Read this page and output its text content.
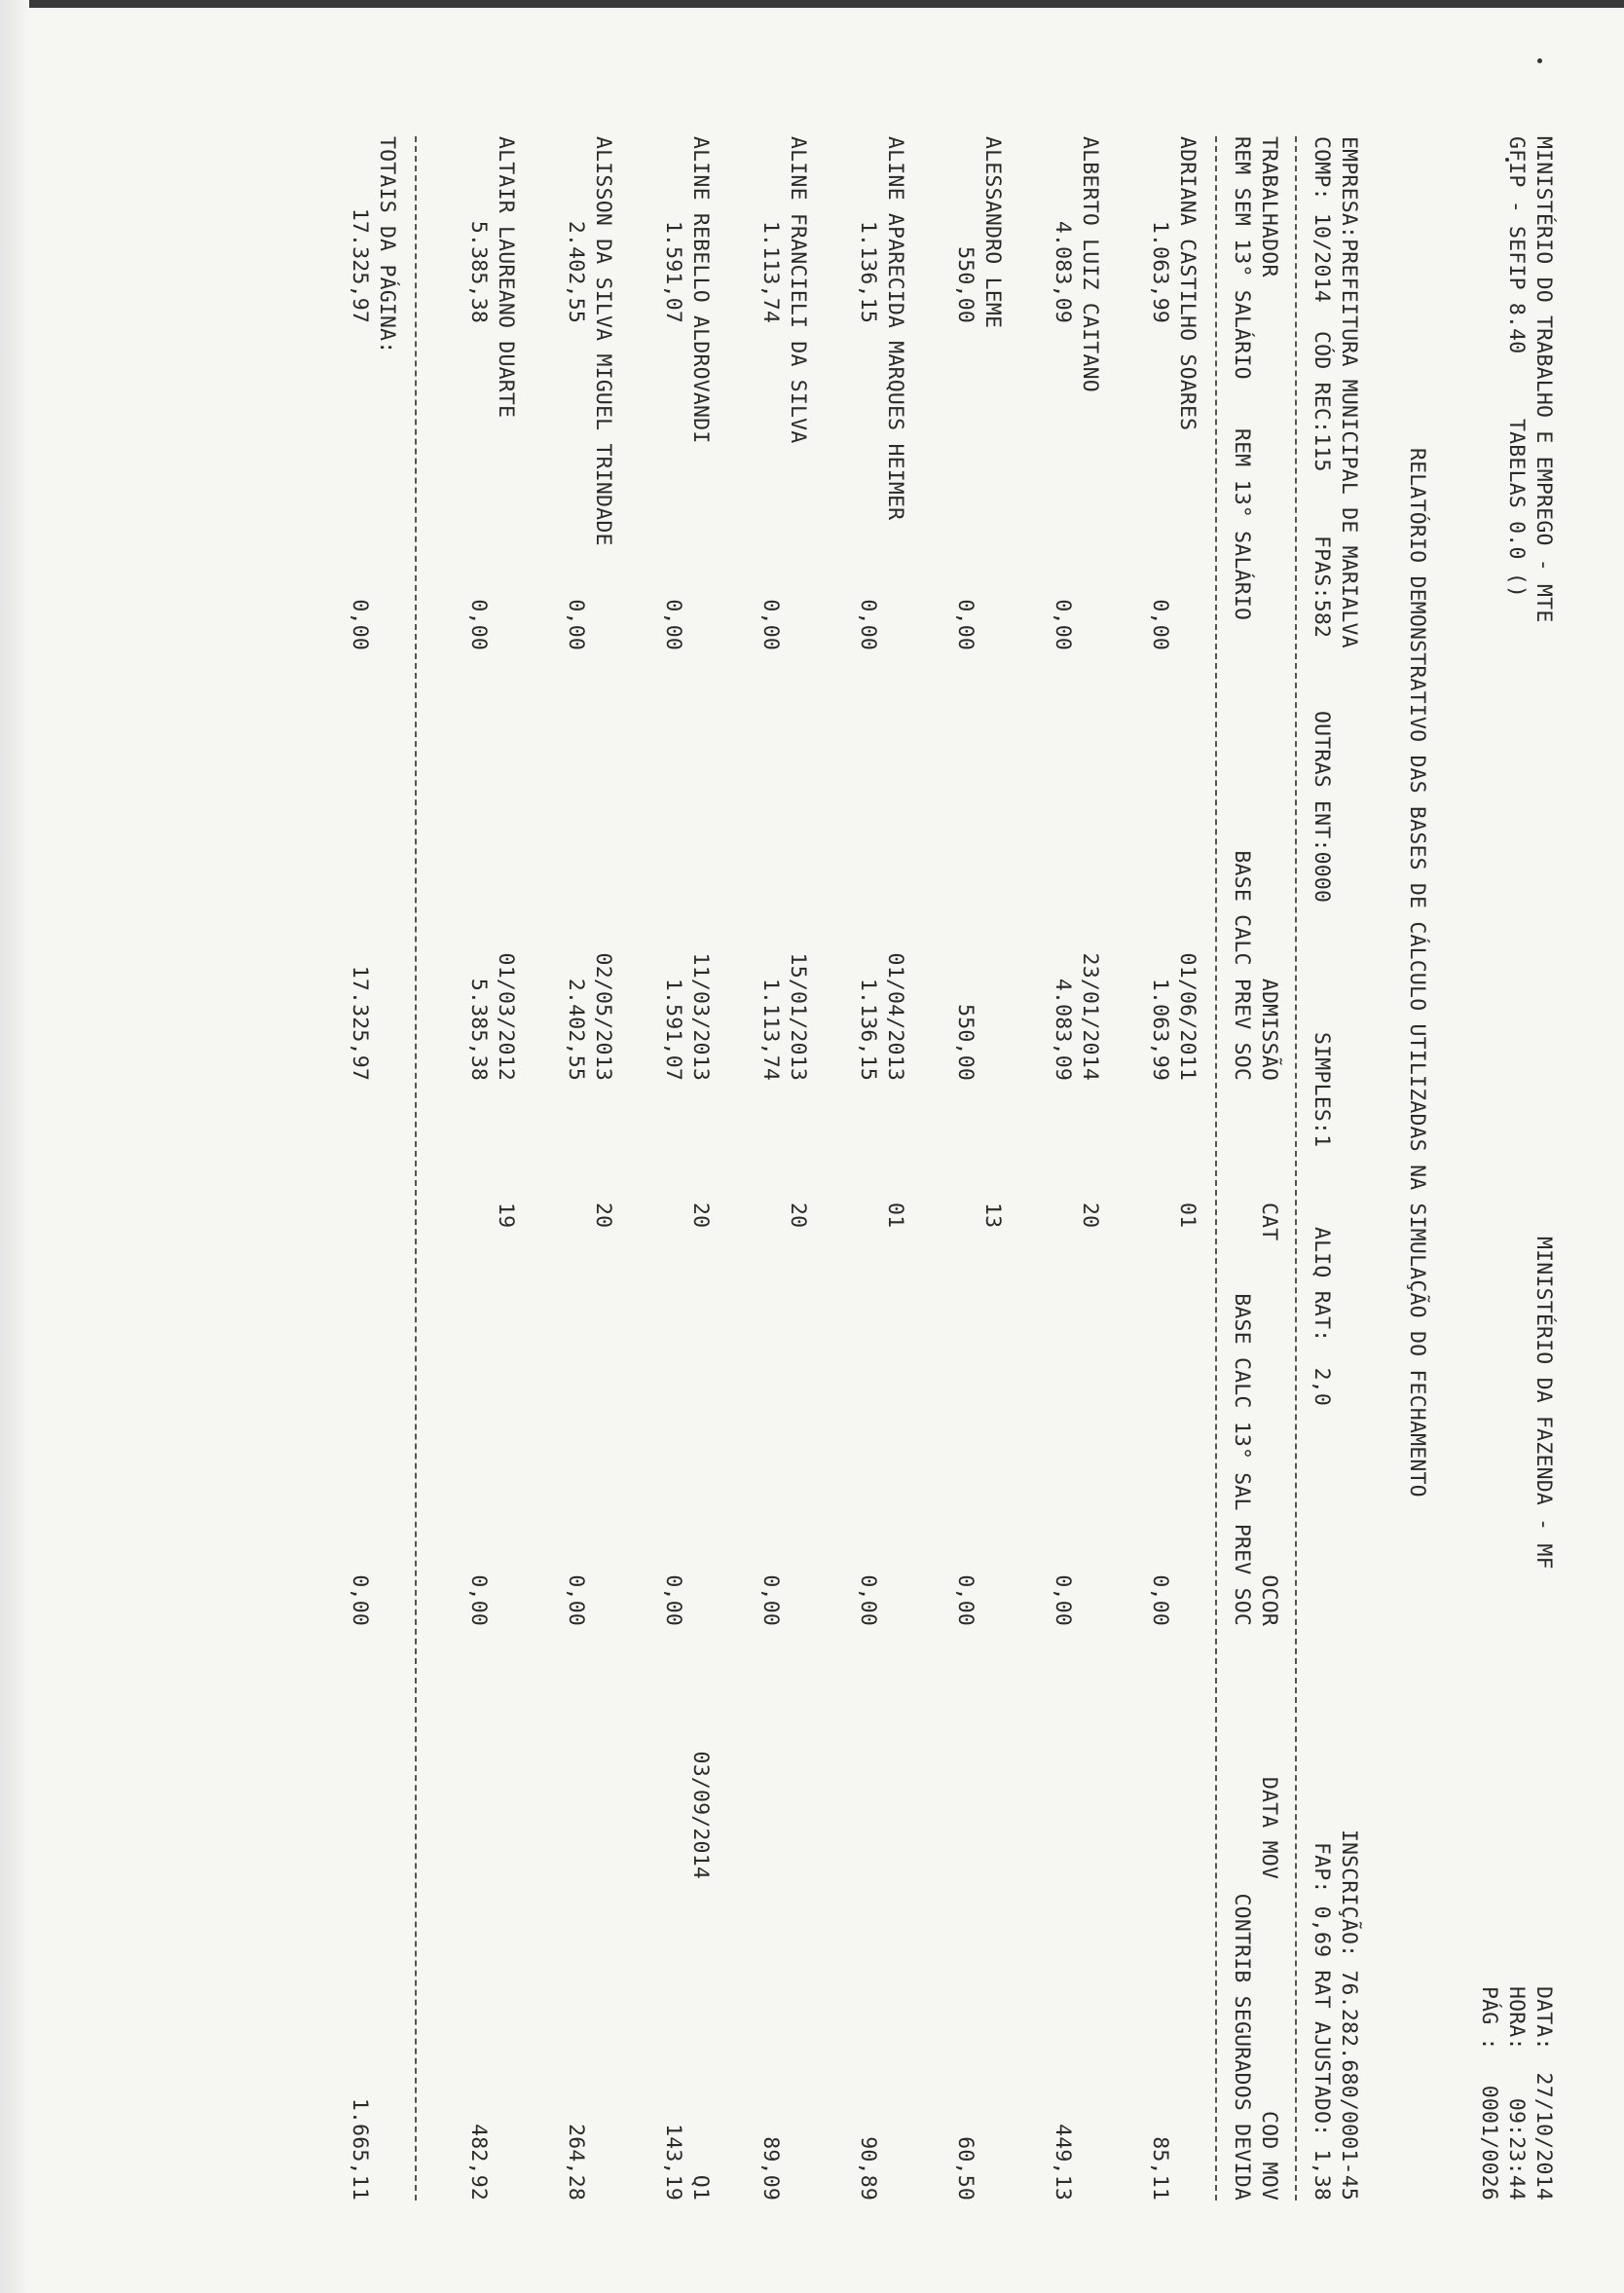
MINISTÉRIO DO TRABALHO E EMPREGO - MTE

MINISTÉRIO DA FAZENDA - MF

DATA:

27/10/2014

GFIP - SEFIP 8.40

TABELAS 0.0 ()

HORA:

09:23:44

PÁG :

0001/0026

RELATÓRIO DEMONSTRATIVO DAS BASES DE CÁLCULO UTILIZADAS NA SIMULAÇÃO DO FECHAMENTO

EMPRESA:PREFEITURA MUNICIPAL DE MARIALVA

INSCRIÇÃO: 76.282.680/0001-45

COMP: 10/2014

CÓD REC:115

FPAS:582

OUTRAS ENT:0000

SIMPLES:1

ALIQ RAT:  2,0

FAP: 0,69 RAT AJUSTADO: 1,38

TRABALHADOR

ADMISSÃO

CAT

OCOR

DATA MOV

COD MOV

REM SEM 13° SALÁRIO

REM 13° SALÁRIO

BASE CALC PREV SOC

BASE CALC 13° SAL PREV SOC

CONTRIB SEGURADOS DEVIDA

ADRIANA CASTILHO SOARES
01/06/2011
01
1.063,99
0,00
1.063,99
0,00
85,11
ALBERTO LUIZ CAITANO
23/01/2014
20
4.083,09
0,00
4.083,09
0,00
449,13
ALESSANDRO LEME
13
550,00
0,00
550,00
0,00
60,50
ALINE APARECIDA MARQUES HEIMER
01/04/2013
01
1.136,15
0,00
1.136,15
0,00
90,89
ALINE FRANCIELI DA SILVA
15/01/2013
20
1.113,74
0,00
1.113,74
0,00
89,09
ALINE REBELLO ALDROVANDI
11/03/2013
20
03/09/2014
Q1
1.591,07
0,00
1.591,07
0,00
143,19
ALISSON DA SILVA MIGUEL TRINDADE
02/05/2013
20
2.402,55
0,00
2.402,55
0,00
264,28
ALTAIR LAUREANO DUARTE
01/03/2012
19
5.385,38
0,00
5.385,38
0,00
482,92

TOTAIS DA PÁGINA:

17.325,97

0,00

17.325,97

0,00

1.665,11
